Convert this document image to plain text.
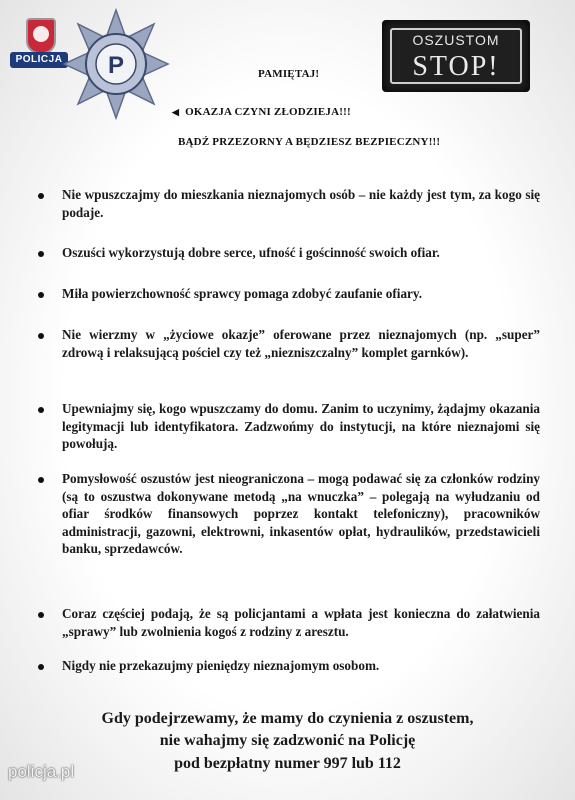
POLICJA P
OSZUSTOM
STOP!
PAMIĘTAJ!
◀ OKAZJA CZYNI ZŁODZIEJA!!!
BĄDŹ PRZEZORNY A BĘDZIESZ BEZPIECZNY!!!
Nie wpuszczajmy do mieszkania nieznajomych osób – nie każdy jest tym, za kogo się podaje.
Oszuści wykorzystują dobre serce, ufność i gościnność swoich ofiar.
Miła powierzchowność sprawcy pomaga zdobyć zaufanie ofiary.
Nie wierzmy w „życiowe okazje” oferowane przez nieznajomych (np. „super” zdrową i relaksującą pościel czy też „niezniszczalny” komplet garnków).
Upewniajmy się, kogo wpuszczamy do domu. Zanim to uczynimy, żądajmy okazania legitymacji lub identyfikatora. Zadzwońmy do instytucji, na które nieznajomi się powołują.
Pomysłowość oszustów jest nieograniczona – mogą podawać się za członków rodziny (są to oszustwa dokonywane metodą „na wnuczka” – polegają na wyłudzaniu od ofiar środków finansowych poprzez kontakt telefoniczny), pracowników administracji, gazowni, elektrowni, inkasentów opłat, hydraulików, przedstawicieli banku, sprzedawców.
Coraz częściej podają, że są policjantami a wpłata jest konieczna do załatwienia „sprawy” lub zwolnienia kogoś z rodziny z aresztu.
Nigdy nie przekazujmy pieniędzy nieznajomym osobom.
Gdy podejrzewamy, że mamy do czynienia z oszustem,
nie wahajmy się zadzwonić na Policję
pod bezpłatny numer 997 lub 112
policja.pl
